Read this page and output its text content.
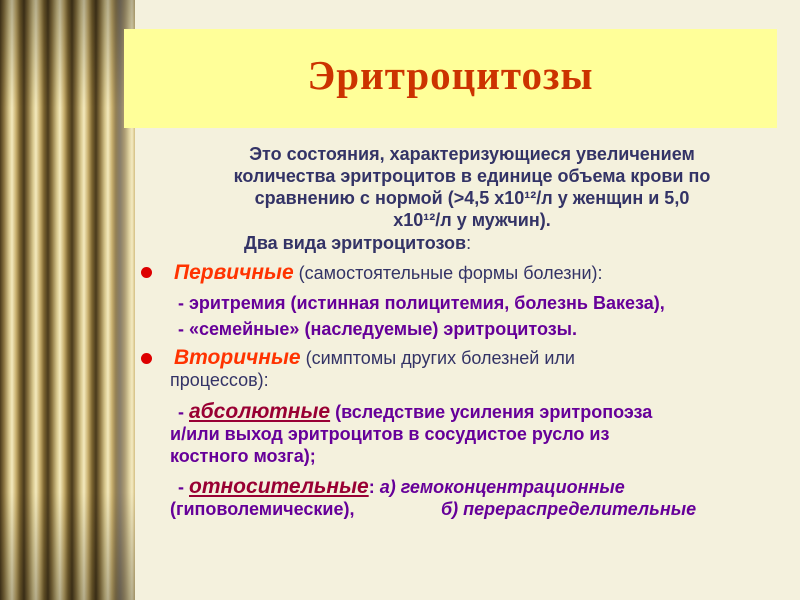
Эритроцитозы
Это состояния, характеризующиеся увеличением
количества эритроцитов в единице объема крови по
сравнению с нормой (>4,5 х10¹²/л у женщин и 5,0
х10¹²/л у мужчин).
Два вида эритроцитозов:
Первичные (самостоятельные формы болезни):
- эритремия (истинная полицитемия, болезнь Вакеза),
- «семейные» (наследуемые) эритроцитозы.
Вторичные (симптомы других болезней или
процессов):
- абсолютные (вследствие усиления эритропоэза
и/или выход эритроцитов в сосудистое русло из
костного мозга);
- относительные: а) гемоконцентрационные
(гиповолемические),	б) перераспределительные
